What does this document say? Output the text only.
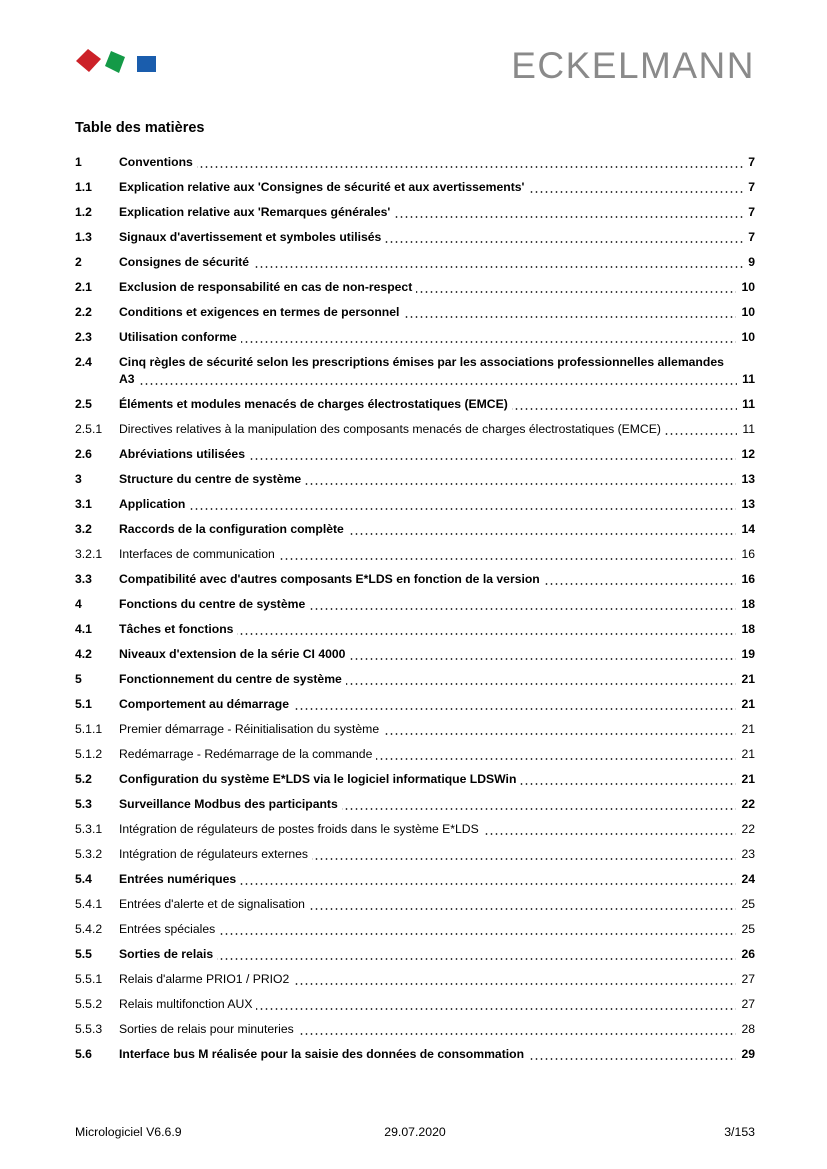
ECKELMANN
Table des matières
1	Conventions	7
1.1	Explication relative aux 'Consignes de sécurité et aux avertissements'	7
1.2	Explication relative aux 'Remarques générales'	7
1.3	Signaux d'avertissement et symboles utilisés	7
2	Consignes de sécurité	9
2.1	Exclusion de responsabilité en cas de non-respect	10
2.2	Conditions et exigences en termes de personnel	10
2.3	Utilisation conforme	10
2.4	Cinq règles de sécurité selon les prescriptions émises par les associations professionnelles allemandes A3	11
2.5	Éléments et modules menacés de charges électrostatiques (EMCE)	11
2.5.1	Directives relatives à la manipulation des composants menacés de charges électrostatiques (EMCE)	11
2.6	Abréviations utilisées	12
3	Structure du centre de système	13
3.1	Application	13
3.2	Raccords de la configuration complète	14
3.2.1	Interfaces de communication	16
3.3	Compatibilité avec d'autres composants E*LDS en fonction de la version	16
4	Fonctions du centre de système	18
4.1	Tâches et fonctions	18
4.2	Niveaux d'extension de la série CI 4000	19
5	Fonctionnement du centre de système	21
5.1	Comportement au démarrage	21
5.1.1	Premier démarrage - Réinitialisation du système	21
5.1.2	Redémarrage - Redémarrage de la commande	21
5.2	Configuration du système E*LDS via le logiciel informatique LDSWin	21
5.3	Surveillance Modbus des participants	22
5.3.1	Intégration de régulateurs de postes froids dans le système E*LDS	22
5.3.2	Intégration de régulateurs externes	23
5.4	Entrées numériques	24
5.4.1	Entrées d'alerte et de signalisation	25
5.4.2	Entrées spéciales	25
5.5	Sorties de relais	26
5.5.1	Relais d'alarme PRIO1 / PRIO2	27
5.5.2	Relais multifonction AUX	27
5.5.3	Sorties de relais pour minuteries	28
5.6	Interface bus M réalisée pour la saisie des données de consommation	29
Micrologiciel V6.6.9	29.07.2020	3/153
